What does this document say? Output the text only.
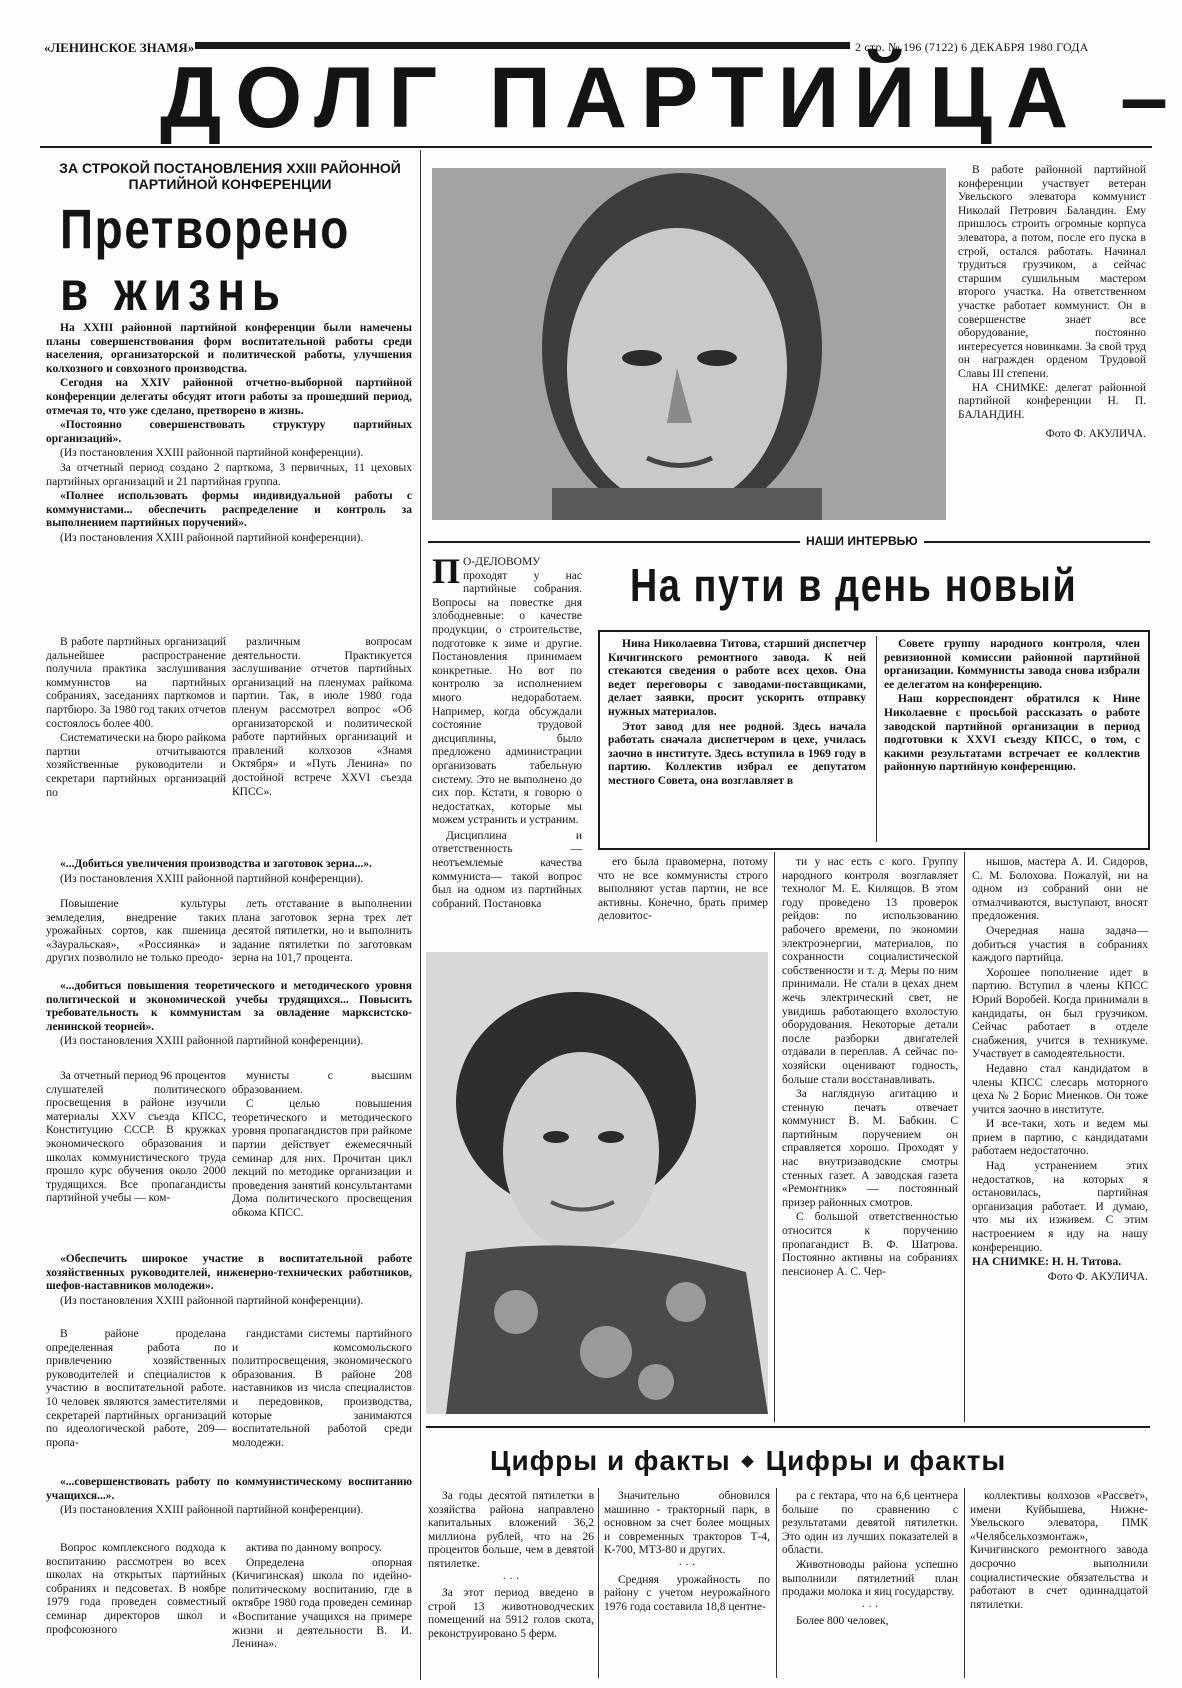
«ЛЕНИНСКОЕ ЗНАМЯ»	2 стр. № 196 (7122) 6 ДЕКАБРЯ 1980 ГОДА
ДОЛГ ПАРТИЙЦА –
ЗА СТРОКОЙ ПОСТАНОВЛЕНИЯ XXIII РАЙОННОЙ ПАРТИЙНОЙ КОНФЕРЕНЦИИ
Претворено
в жизнь

На XXIII районной партийной конференции были намечены планы совершенствования форм воспитательной работы среди населения, организаторской и политической работы, улучшения колхозного и совхозного производства.

Сегодня на XXIV районной отчетно-выборной партийной конференции делегаты обсудят итоги работы за прошедший период, отмечая то, что уже сделано, претворено в жизнь.

«Постоянно совершенствовать структуру партийных организаций».

(Из постановления XXIII районной партийной конференции).

За отчетный период создано 2 парткома, 3 первичных, 11 цеховых партийных организаций и 21 партийная группа.

«Полнее использовать формы индивидуальной работы с коммунистами... обеспечить распределение и контроль за выполнением партийных поручений».

(Из постановления XXIII районной партийной конференции).

В работе партийных организаций дальнейшее распространение получила практика заслушивания коммунистов на партийных собраниях, заседаниях парткомов и партбюро. За 1980 год таких отчетов состоялось более 400.

Систематически на бюро райкома партии отчитываются хозяйственные руководители и секретари партийных организаций по

различным вопросам деятельности. Практикуется заслушивание отчетов партийных организаций на пленумах райкома партии. Так, в июле 1980 года пленум рассмотрел вопрос «Об организаторской и политической работе партийных организаций и правлений колхозов «Знамя Октября» и «Путь Ленина» по достойной встрече XXVI съезда КПСС».

«...Добиться увеличения производства и заготовок зерна...».

(Из постановления XXIII районной партийной конференции).

Повышение культуры земледелия, внедрение таких урожайных сортов, как пшеница «Зауральская», «Россиянка» и других позволило не только преодо-

леть отставание в выполнении плана заготовок зерна трех лет десятой пятилетки, но и выполнить задание пятилетки по заготовкам зерна на 101,7 процента.

«...добиться повышения теоретического и методического уровня политической и экономической учебы трудящихся... Повысить требовательность к коммунистам за овладение марксистско-ленинской теорией».

(Из постановления XXIII районной партийной конференции).

За отчетный период 96 процентов слушателей политического просвещения в районе изучили материалы XXV съезда КПСС, Конституцию СССР. В кружках экономического образования и школах коммунистического труда прошло курс обучения около 2000 трудящихся. Все пропагандисты партийной учебы — ком-

мунисты с высшим образованием.

С целью повышения теоретического и методического уровня пропагандистов при райкоме партии действует ежемесячный семинар для них. Прочитан цикл лекций по методике организации и проведения занятий консультантами Дома политического просвещения обкома КПСС.

«Обеспечить широкое участие в воспитательной работе хозяйственных руководителей, инженерно-технических работников, шефов-наставников молодежи».

(Из постановления XXIII районной партийной конференции).

В районе проделана определенная работа по привлечению хозяйственных руководителей и специалистов к участию в воспитательной работе. 10 человек являются заместителями секретарей партийных организаций по идеологической работе, 209— пропа-

гандистами системы партийного и комсомольского политпросвещения, экономического образования. В районе 208 наставников из числа специалистов и передовиков, производства, которые занимаются воспитательной работой среди молодежи.

«...совершенствовать работу по коммунистическому воспитанию учащихся...».

(Из постановления XXIII районной партийной конференции).

Вопрос комплексного подхода к воспитанию рассмотрен во всех школах на открытых партийных собраниях и педсоветах. В ноябре 1979 года проведен совместный семинар директоров школ и профсоюзного

актива по данному вопросу.

Определена опорная (Кичигинская) школа по идейно-политическому воспитанию, где в октябре 1980 года проведен семинар «Воспитание учащихся на примере жизни и деятельности В. И. Ленина».

В работе районной партийной конференции участвует ветеран Увельского элеватора коммунист Николай Петрович Баландин. Ему пришлось строить огромные корпуса элеватора, а потом, после его пуска в строй, остался работать. Начинал трудиться грузчиком, а сейчас старшим сушильным мастером второго участка. На ответственном участке работает коммунист. Он в совершенстве знает все оборудование, постоянно интересуется новинками. За свой труд он награжден орденом Трудовой Славы III степени.

НА СНИМКЕ: делегат районной партийной конференции Н. П. БАЛАНДИН.

Фото Ф. АКУЛИЧА.

НАШИ ИНТЕРВЬЮ
П О-ДЕЛОВОМУ проходят у нас партийные собрания. Вопросы на повестке дня злободневные: о качестве продукции, о строительстве, подготовке к зиме и другие. Постановления принимаем конкретные. Но вот по контролю за исполнением много недоработаем. Например, когда обсуждали состояние трудовой дисциплины, было предложено администрации организовать табельную систему. Это не выполнено до сих пор. Кстати, я говорю о недостатках, которые мы можем устранить и устраним.

Дисциплина и ответственность — неотъемлемые качества коммуниста— такой вопрос был на одном из партийных собраний. Постановка

На пути в день новый

Нина Николаевна Титова, старший диспетчер Кичигинского ремонтного завода. К ней стекаются сведения о работе всех цехов. Она ведет переговоры с заводами-поставщиками, делает заявки, просит ускорить отправку нужных материалов.

Этот завод для нее родной. Здесь начала работать сначала диспетчером в цехе, училась заочно в институте. Здесь вступила в 1969 году в партию. Коллектив избрал ее депутатом местного Совета, она возглавляет в

Совете группу народного контроля, член ревизионной комиссии районной партийной организации. Коммунисты завода снова избрали ее делегатом на конференцию.

Наш корреспондент обратился к Нине Николаевне с просьбой рассказать о работе заводской партийной организации в период подготовки к XXVI съезду КПСС, о том, с какими результатами встречает ее коллектив районную партийную конференцию.

его была правомерна, потому что не все коммунисты строго выполняют устав партии, не все активны. Конечно, брать пример деловитос-

ти у нас есть с кого. Группу народного контроля возглавляет технолог М. Е. Килящов. В этом году проведено 13 проверок рейдов: по использованию рабочего времени, по экономии электроэнергии, материалов, по сохранности социалистической собственности и т. д. Меры по ним принимали. Не стали в цехах днем жечь электрический свет, не увидишь работающего вхолостую оборудования. Некоторые детали после разборки двигателей отдавали в переплав. А сейчас по-хозяйски оценивают годность, больше стали восстанавливать.

За наглядную агитацию и стенную печать отвечает коммунист В. М. Бабкин. С партийным поручением он справляется хорошо. Проходят у нас внутризаводские смотры стенных газет. А заводская газета «Ремонтник» — постоянный призер районных смотров.

С большой ответственностью относится к поручению пропагандист В. Ф. Шатрова. Постоянно активны на собраниях пенсионер А. С. Чер-

нышов, мастера А. И. Сидоров, С. М. Болохова. Пожалуй, ни на одном из собраний они не отмалчиваются, выступают, вносят предложения.

Очередная наша задача—добиться участия в собраниях каждого партийца.

Хорошее пополнение идет в партию. Вступил в члены КПСС Юрий Воробей. Когда принимали в кандидаты, он был грузчиком. Сейчас работает в отделе снабжения, учится в техникуме. Участвует в самодеятельности.

Недавно стал кандидатом в члены КПСС слесарь моторного цеха № 2 Борис Миенков. Он тоже учится заочно в институте.

И все-таки, хоть и ведем мы прием в партию, с кандидатами работаем недостаточно.

Над устранением этих недостатков, на которых я остановилась, партийная организация работает. И думаю, что мы их изживем. С этим настроением я иду на нашу конференцию.

НА СНИМКЕ: Н. Н. Титова.

Фото Ф. АКУЛИЧА.

Цифры и факты Цифры и факты

За годы десятой пятилетки в хозяйства района направлено капитальных вложений 36,2 миллиона рублей, что на 26 процентов больше, чем в девятой пятилетке.

· · ·

За этот период введено в строй 13 животноводческих помещений на 5912 голов скота, реконструировано 5 ферм.

Значительно обновился машинно - тракторный парк, в основном за счет более мощных и современных тракторов Т-4, К-700, МТЗ-80 и других.

· · ·

Средняя урожайность по району с учетом неурожайного 1976 года составила 18,8 центне-

ра с гектара, что на 6,6 центнера больше по сравнению с результатами девятой пятилетки. Это один из лучших показателей в области.

Животноводы района успешно выполнили пятилетний план продажи молока и яиц государству.

· · ·

Более 800 человек,

коллективы колхозов «Рассвет», имени Куйбышева, Нижне-Увельского элеватора, ПМК «Челябсельхозмонтаж», Кичигинского ремонтного завода досрочно выполнили социалистические обязательства и работают в счет одиннадцатой пятилетки.
